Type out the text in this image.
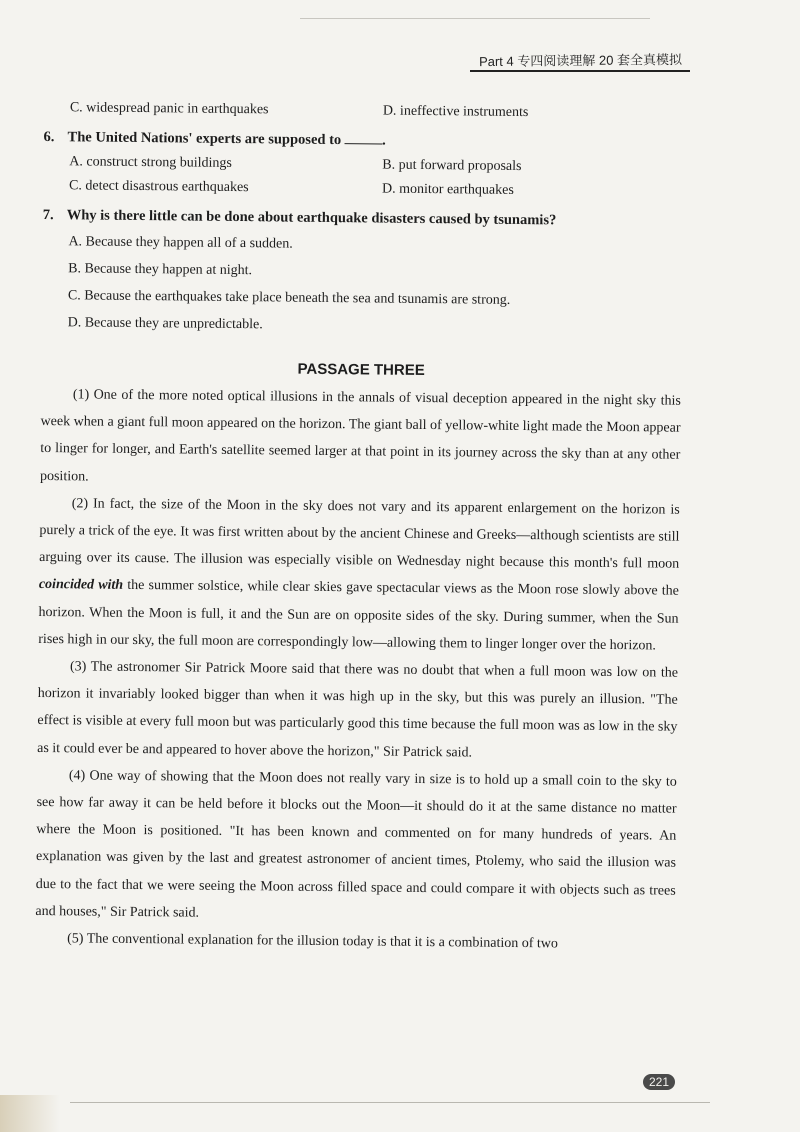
Part 4 专四阅读理解 20 套全真模拟
C. widespread panic in earthquakes	D. ineffective instruments
6. The United Nations' experts are supposed to	.
A. construct strong buildings	B. put forward proposals
C. detect disastrous earthquakes	D. monitor earthquakes
7. Why is there little can be done about earthquake disasters caused by tsunamis?
A. Because they happen all of a sudden.
B. Because they happen at night.
C. Because the earthquakes take place beneath the sea and tsunamis are strong.
D. Because they are unpredictable.
PASSAGE THREE

(1) One of the more noted optical illusions in the annals of visual deception appeared in the night sky this week when a giant full moon appeared on the horizon. The giant ball of yellow-white light made the Moon appear to linger for longer, and Earth's satellite seemed larger at that point in its journey across the sky than at any other position.

(2) In fact, the size of the Moon in the sky does not vary and its apparent enlargement on the horizon is purely a trick of the eye. It was first written about by the ancient Chinese and Greeks—although scientists are still arguing over its cause. The illusion was especially visible on Wednesday night because this month's full moon coincided with the summer solstice, while clear skies gave spectacular views as the Moon rose slowly above the horizon. When the Moon is full, it and the Sun are on opposite sides of the sky. During summer, when the Sun rises high in our sky, the full moon are correspondingly low—allowing them to linger longer over the horizon.

(3) The astronomer Sir Patrick Moore said that there was no doubt that when a full moon was low on the horizon it invariably looked bigger than when it was high up in the sky, but this was purely an illusion. "The effect is visible at every full moon but was particularly good this time because the full moon was as low in the sky as it could ever be and appeared to hover above the horizon," Sir Patrick said.

(4) One way of showing that the Moon does not really vary in size is to hold up a small coin to the sky to see how far away it can be held before it blocks out the Moon—it should do it at the same distance no matter where the Moon is positioned. "It has been known and commented on for many hundreds of years. An explanation was given by the last and greatest astronomer of ancient times, Ptolemy, who said the illusion was due to the fact that we were seeing the Moon across filled space and could compare it with objects such as trees and houses," Sir Patrick said.

(5) The conventional explanation for the illusion today is that it is a combination of two

221
